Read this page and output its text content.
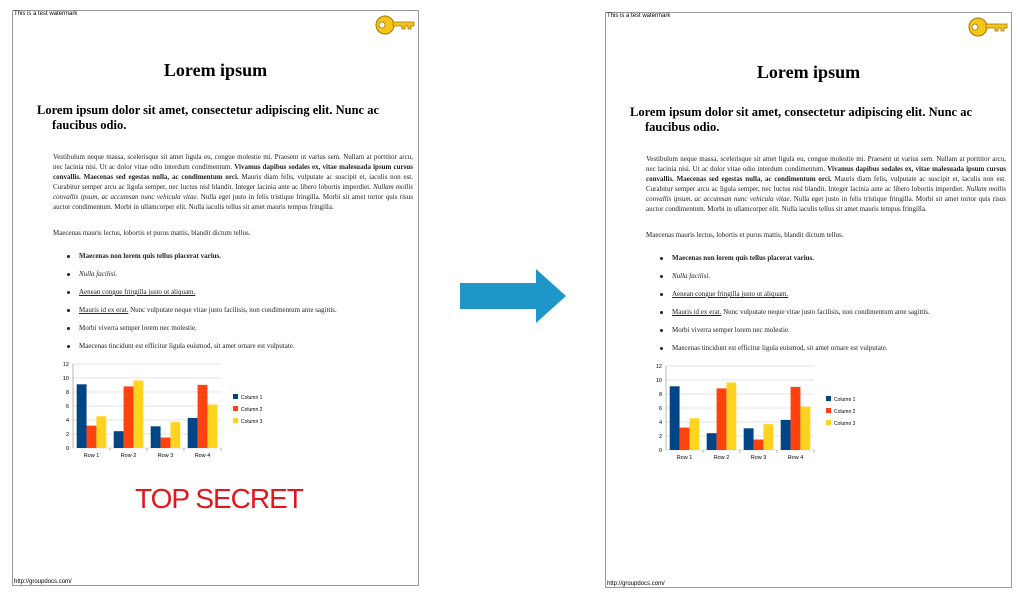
This is a test watermark
Lorem ipsum
Lorem ipsum dolor sit amet, consectetur adipiscing elit. Nunc ac faucibus odio.
Vestibulum neque massa, scelerisque sit amet ligula eu, congue molestie mi. Praesent ut varius sem. Nullam at porttitor arcu, nec lacinia nisi. Ut ac dolor vitae odio interdum condimentum. Vivamus dapibus sodales ex, vitae malesuada ipsum cursus convallis. Maecenas sed egestas nulla, ac condimentum orci. Mauris diam felis, vulputate ac suscipit et, iaculis non est. Curabitur semper arcu ac ligula semper, nec luctus nisl blandit. Integer lacinia ante ac libero lobortis imperdiet. Nullam mollis convallis ipsum, ac accumsan nunc vehicula vitae. Nulla eget justo in felis tristique fringilla. Morbi sit amet tortor quis risus auctor condimentum. Morbi in ullamcorper elit. Nulla iaculis tellus sit amet mauris tempus fringilla.
Maecenas mauris lectus, lobortis et purus mattis, blandit dictum tellus.
Maecenas non lorem quis tellus placerat varius.
Nulla facilisi.
Aenean congue fringilla justo ut aliquam.
Mauris id ex erat. Nunc vulputate neque vitae justo facilisis, non condimentum ante sagittis.
Morbi viverra semper lorem nec molestie.
Maecenas tincidunt est efficitur ligula euismod, sit amet ornare est vulputate.
0
2
4
6
8
10
12
Row 1	Row 2	Row 3	Row 4
Column 1
Column 2
Column 3
http://groupdocs.com/
TOP SECRET
This is a test watermark
Lorem ipsum
Lorem ipsum dolor sit amet, consectetur adipiscing elit. Nunc ac faucibus odio.
Vestibulum neque massa, scelerisque sit amet ligula eu, congue molestie mi. Praesent ut varius sem. Nullam at porttitor arcu, nec lacinia nisi. Ut ac dolor vitae odio interdum condimentum. Vivamus dapibus sodales ex, vitae malesuada ipsum cursus convallis. Maecenas sed egestas nulla, ac condimentum orci. Mauris diam felis, vulputate ac suscipit et, iaculis non est. Curabitur semper arcu ac ligula semper, nec luctus nisl blandit. Integer lacinia ante ac libero lobortis imperdiet. Nullam mollis convallis ipsum, ac accumsan nunc vehicula vitae. Nulla eget justo in felis tristique fringilla. Morbi sit amet tortor quis risus auctor condimentum. Morbi in ullamcorper elit. Nulla iaculis tellus sit amet mauris tempus fringilla.
Maecenas mauris lectus, lobortis et purus mattis, blandit dictum tellus.
Maecenas non lorem quis tellus placerat varius.
Nulla facilisi.
Aenean congue fringilla justo ut aliquam.
Mauris id ex erat. Nunc vulputate neque vitae justo facilisis, non condimentum ante sagittis.
Morbi viverra semper lorem nec molestie.
Maecenas tincidunt est efficitur ligula euismod, sit amet ornare est vulputate.
0
2
4
6
8
10
12
Row 1	Row 2	Row 3	Row 4
Column 1
Column 2
Column 3
http://groupdocs.com/
